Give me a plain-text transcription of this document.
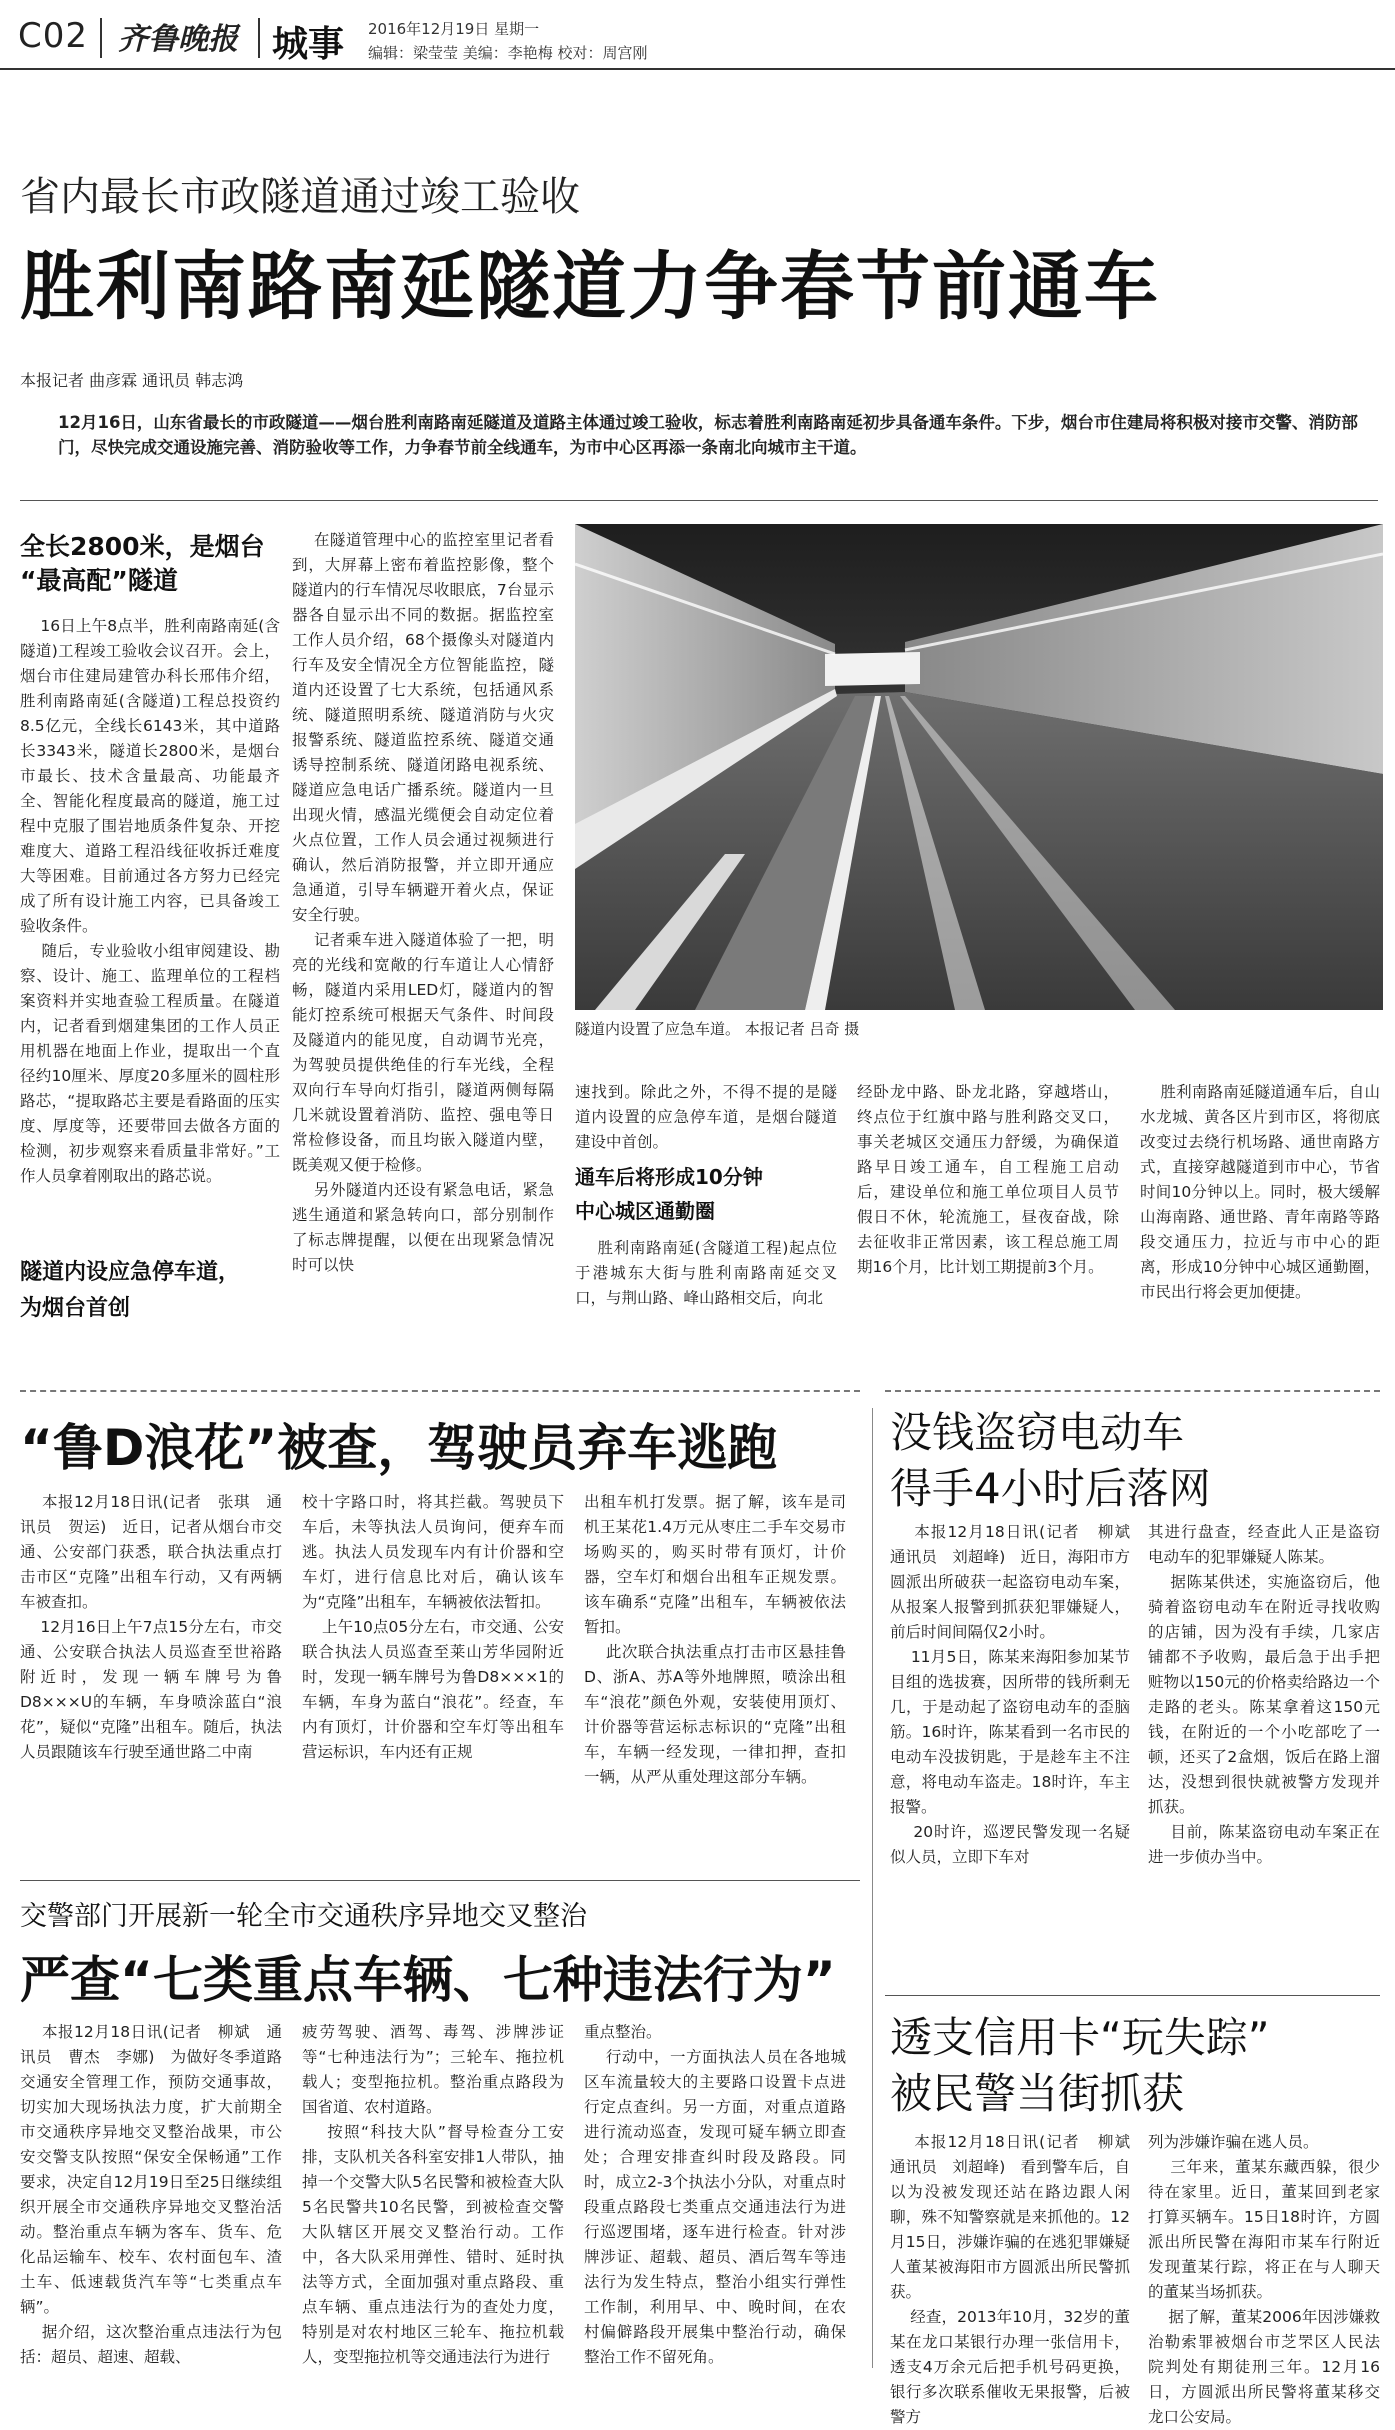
C02 齐鲁晚报 城事 2016年12月19日 星期一
编辑：梁莹莹 美编：李艳梅 校对：周宫刚
省内最长市政隧道通过竣工验收
胜利南路南延隧道力争春节前通车
本报记者 曲彦霖 通讯员 韩志鸿
12月16日，山东省最长的市政隧道——烟台胜利南路南延隧道及道路主体通过竣工验收，标志着胜利南路南延初步具备通车条件。下步，烟台市住建局将积极对接市交警、消防部门，尽快完成交通设施完善、消防验收等工作，力争春节前全线通车，为市中心区再添一条南北向城市主干道。
全长2800米，是烟台
“最高配”隧道
16日上午8点半，胜利南路南延(含隧道)工程竣工验收会议召开。会上，烟台市住建局建管办科长邢伟介绍，胜利南路南延(含隧道)工程总投资约8.5亿元，全线长6143米，其中道路长3343米，隧道长2800米，是烟台市最长、技术含量最高、功能最齐全、智能化程度最高的隧道，施工过程中克服了围岩地质条件复杂、开挖难度大、道路工程沿线征收拆迁难度大等困难。目前通过各方努力已经完成了所有设计施工内容，已具备竣工验收条件。
随后，专业验收小组审阅建设、勘察、设计、施工、监理单位的工程档案资料并实地查验工程质量。在隧道内，记者看到烟建集团的工作人员正用机器在地面上作业，提取出一个直径约10厘米、厚度20多厘米的圆柱形路芯，“提取路芯主要是看路面的压实度、厚度等，还要带回去做各方面的检测，初步观察来看质量非常好。”工作人员拿着刚取出的路芯说。
隧道内设应急停车道，
为烟台首创
在隧道管理中心的监控室里记者看到，大屏幕上密布着监控影像，整个隧道内的行车情况尽收眼底，7台显示器各自显示出不同的数据。据监控室工作人员介绍，68个摄像头对隧道内行车及安全情况全方位智能监控，隧道内还设置了七大系统，包括通风系统、隧道照明系统、隧道消防与火灾报警系统、隧道监控系统、隧道交通诱导控制系统、隧道闭路电视系统、隧道应急电话广播系统。隧道内一旦出现火情，感温光缆便会自动定位着火点位置，工作人员会通过视频进行确认，然后消防报警，并立即开通应急通道，引导车辆避开着火点，保证安全行驶。
记者乘车进入隧道体验了一把，明亮的光线和宽敞的行车道让人心情舒畅，隧道内采用LED灯，隧道内的智能灯控系统可根据天气条件、时间段及隧道内的能见度，自动调节光亮，为驾驶员提供绝佳的行车光线，全程双向行车导向灯指引，隧道两侧每隔几米就设置着消防、监控、强电等日常检修设备，而且均嵌入隧道内壁，既美观又便于检修。
另外隧道内还设有紧急电话，紧急逃生通道和紧急转向口，部分别制作了标志牌提醒，以便在出现紧急情况时可以快
隧道内设置了应急车道。 本报记者 吕奇 摄
速找到。除此之外，不得不提的是隧道内设置的应急停车道，是烟台隧道建设中首创。
通车后将形成10分钟
中心城区通勤圈
胜利南路南延(含隧道工程)起点位于港城东大街与胜利南路南延交叉口，与荆山路、峰山路相交后，向北
经卧龙中路、卧龙北路，穿越塔山，终点位于红旗中路与胜利路交叉口，事关老城区交通压力舒缓，为确保道路早日竣工通车，自工程施工启动后，建设单位和施工单位项目人员节假日不休，轮流施工，昼夜奋战，除去征收非正常因素，该工程总施工周期16个月，比计划工期提前3个月。
胜利南路南延隧道通车后，自山水龙城、黄各区片到市区，将彻底改变过去绕行机场路、通世南路方式，直接穿越隧道到市中心，节省时间10分钟以上。同时，极大缓解山海南路、通世路、青年南路等路段交通压力，拉近与市中心的距离，形成10分钟中心城区通勤圈，市民出行将会更加便捷。
“鲁D浪花”被查，驾驶员弃车逃跑
本报12月18日讯(记者   张琪   通讯员   贺运)   近日，记者从烟台市交通、公安部门获悉，联合执法重点打击市区“克隆”出租车行动，又有两辆车被查扣。
12月16日上午7点15分左右，市交通、公安联合执法人员巡查至世裕路附近时，发现一辆车牌号为鲁D8×××U的车辆，车身喷涂蓝白“浪花”，疑似“克隆”出租车。随后，执法人员跟随该车行驶至通世路二中南
校十字路口时，将其拦截。驾驶员下车后，未等执法人员询问，便弃车而逃。执法人员发现车内有计价器和空车灯，进行信息比对后，确认该车为“克隆”出租车，车辆被依法暂扣。
上午10点05分左右，市交通、公安联合执法人员巡查至莱山芳华园附近时，发现一辆车牌号为鲁D8×××1的车辆，车身为蓝白“浪花”。经查，车内有顶灯，计价器和空车灯等出租车营运标识，车内还有正规
出租车机打发票。据了解，该车是司机王某花1.4万元从枣庄二手车交易市场购买的，购买时带有顶灯，计价器，空车灯和烟台出租车正规发票。该车确系“克隆”出租车，车辆被依法暂扣。
此次联合执法重点打击市区悬挂鲁D、浙A、苏A等外地牌照，喷涂出租车“浪花”颜色外观，安装使用顶灯、计价器等营运标志标识的“克隆”出租车，车辆一经发现，一律扣押，查扣一辆，从严从重处理这部分车辆。
没钱盗窃电动车
得手4小时后落网
本报12月18日讯(记者   柳斌   通讯员   刘超峰)   近日，海阳市方圆派出所破获一起盗窃电动车案，从报案人报警到抓获犯罪嫌疑人，前后时间间隔仅2小时。
11月5日，陈某来海阳参加某节目组的选拔赛，因所带的钱所剩无几，于是动起了盗窃电动车的歪脑筋。16时许，陈某看到一名市民的电动车没拔钥匙，于是趁车主不注意，将电动车盗走。18时许，车主报警。
20时许，巡逻民警发现一名疑似人员，立即下车对
其进行盘查，经查此人正是盗窃电动车的犯罪嫌疑人陈某。
据陈某供述，实施盗窃后，他骑着盗窃电动车在附近寻找收购的店铺，因为没有手续，几家店铺都不予收购，最后急于出手把赃物以150元的价格卖给路边一个走路的老头。陈某拿着这150元钱，在附近的一个小吃部吃了一顿，还买了2盒烟，饭后在路上溜达，没想到很快就被警方发现并抓获。
目前，陈某盗窃电动车案正在进一步侦办当中。
交警部门开展新一轮全市交通秩序异地交叉整治
严查“七类重点车辆、七种违法行为”
本报12月18日讯(记者   柳斌   通讯员   曹杰   李娜)   为做好冬季道路交通安全管理工作，预防交通事故，切实加大现场执法力度，扩大前期全市交通秩序异地交叉整治战果，市公安交警支队按照“保安全保畅通”工作要求，决定自12月19日至25日继续组织开展全市交通秩序异地交叉整治活动。整治重点车辆为客车、货车、危化品运输车、校车、农村面包车、渣土车、低速载货汽车等“七类重点车辆”。
据介绍，这次整治重点违法行为包括：超员、超速、超载、
疲劳驾驶、酒驾、毒驾、涉牌涉证等“七种违法行为”；三轮车、拖拉机载人；变型拖拉机。整治重点路段为国省道、农村道路。
按照“科技大队”督导检查分工安排，支队机关各科室安排1人带队，抽掉一个交警大队5名民警和被检查大队5名民警共10名民警，到被检查交警大队辖区开展交叉整治行动。工作中，各大队采用弹性、错时、延时执法等方式，全面加强对重点路段、重点车辆、重点违法行为的查处力度，特别是对农村地区三轮车、拖拉机载人，变型拖拉机等交通违法行为进行
重点整治。
行动中，一方面执法人员在各地城区车流量较大的主要路口设置卡点进行定点查纠。另一方面，对重点道路进行流动巡查，发现可疑车辆立即查处；合理安排查纠时段及路段。同时，成立2-3个执法小分队，对重点时段重点路段七类重点交通违法行为进行巡逻围堵，逐车进行检查。针对涉牌涉证、超载、超员、酒后驾车等违法行为发生特点，整治小组实行弹性工作制，利用早、中、晚时间，在农村偏僻路段开展集中整治行动，确保整治工作不留死角。
透支信用卡“玩失踪”
被民警当街抓获
本报12月18日讯(记者   柳斌   通讯员   刘超峰)   看到警车后，自以为没被发现还站在路边跟人闲聊，殊不知警察就是来抓他的。12月15日，涉嫌诈骗的在逃犯罪嫌疑人董某被海阳市方圆派出所民警抓获。
经查，2013年10月，32岁的董某在龙口某银行办理一张信用卡，透支4万余元后把手机号码更换，银行多次联系催收无果报警，后被警方
列为涉嫌诈骗在逃人员。
三年来，董某东藏西躲，很少待在家里。近日，董某回到老家打算买辆车。15日18时许，方圆派出所民警在海阳市某车行附近发现董某行踪，将正在与人聊天的董某当场抓获。
据了解，董某2006年因涉嫌救治勒索罪被烟台市芝罘区人民法院判处有期徒刑三年。12月16日，方圆派出所民警将董某移交龙口公安局。
